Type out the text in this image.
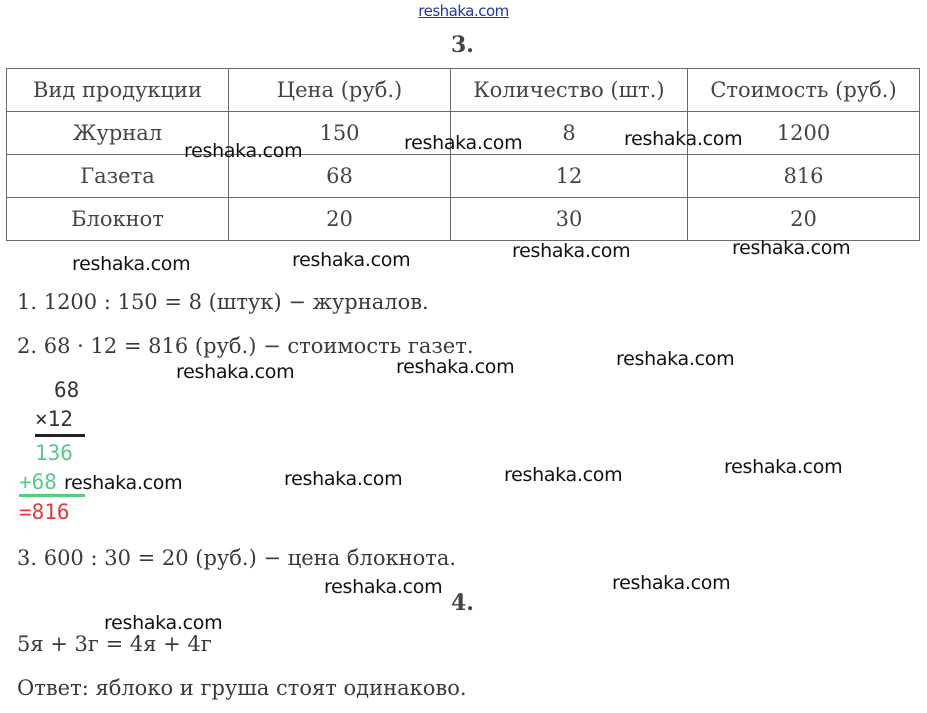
reshaka.com
3.
Вид продукции	Цена (руб.)	Количество (шт.)	Стоимость (руб.)
Журнал	150	8	1200
Газета	68	12	816
Блокнот	20	30	20
1. 1200 : 150 = 8 (штук) − журналов.
2. 68 · 12 = 816 (руб.) − стоимость газет.
68
×12
136
+68
=816
3. 600 : 30 = 20 (руб.) − цена блокнота.
4.
5я + 3г = 4я + 4г
Ответ: яблоко и груша стоят одинаково.
reshaka.com	reshaka.com	reshaka.com
reshaka.com	reshaka.com	reshaka.com	reshaka.com
reshaka.com	reshaka.com	reshaka.com
reshaka.com	reshaka.com	reshaka.com	reshaka.com
reshaka.com	reshaka.com
reshaka.com
